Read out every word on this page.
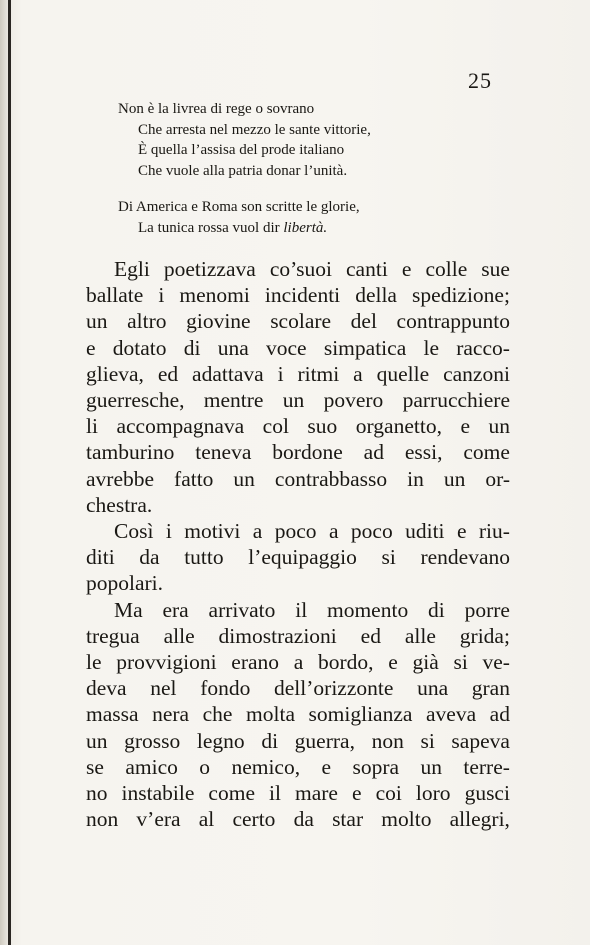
25
Non è la livrea di rege o sovrano
Che arresta nel mezzo le sante vittorie,
È quella l’assisa del prode italiano
Che vuole alla patria donar l’unità.
Di America e Roma son scritte le glorie,
La tunica rossa vuol dir libertà.
Egli poetizzava co’suoi canti e colle sue
ballate i menomi incidenti della spedizione;
un altro giovine scolare del contrappunto
e dotato di una voce simpatica le racco-
glieva, ed adattava i ritmi a quelle canzoni
guerresche, mentre un povero parrucchiere
li accompagnava col suo organetto, e un
tamburino teneva bordone ad essi, come
avrebbe fatto un contrabbasso in un or-
chestra.
Così i motivi a poco a poco uditi e riu-
diti da tutto l’equipaggio si rendevano
popolari.
Ma era arrivato il momento di porre
tregua alle dimostrazioni ed alle grida;
le provvigioni erano a bordo, e già si ve-
deva nel fondo dell’orizzonte una gran
massa nera che molta somiglianza aveva ad
un grosso legno di guerra, non si sapeva
se amico o nemico, e sopra un terre-
no instabile come il mare e coi loro gusci
non v’era al certo da star molto allegri,
